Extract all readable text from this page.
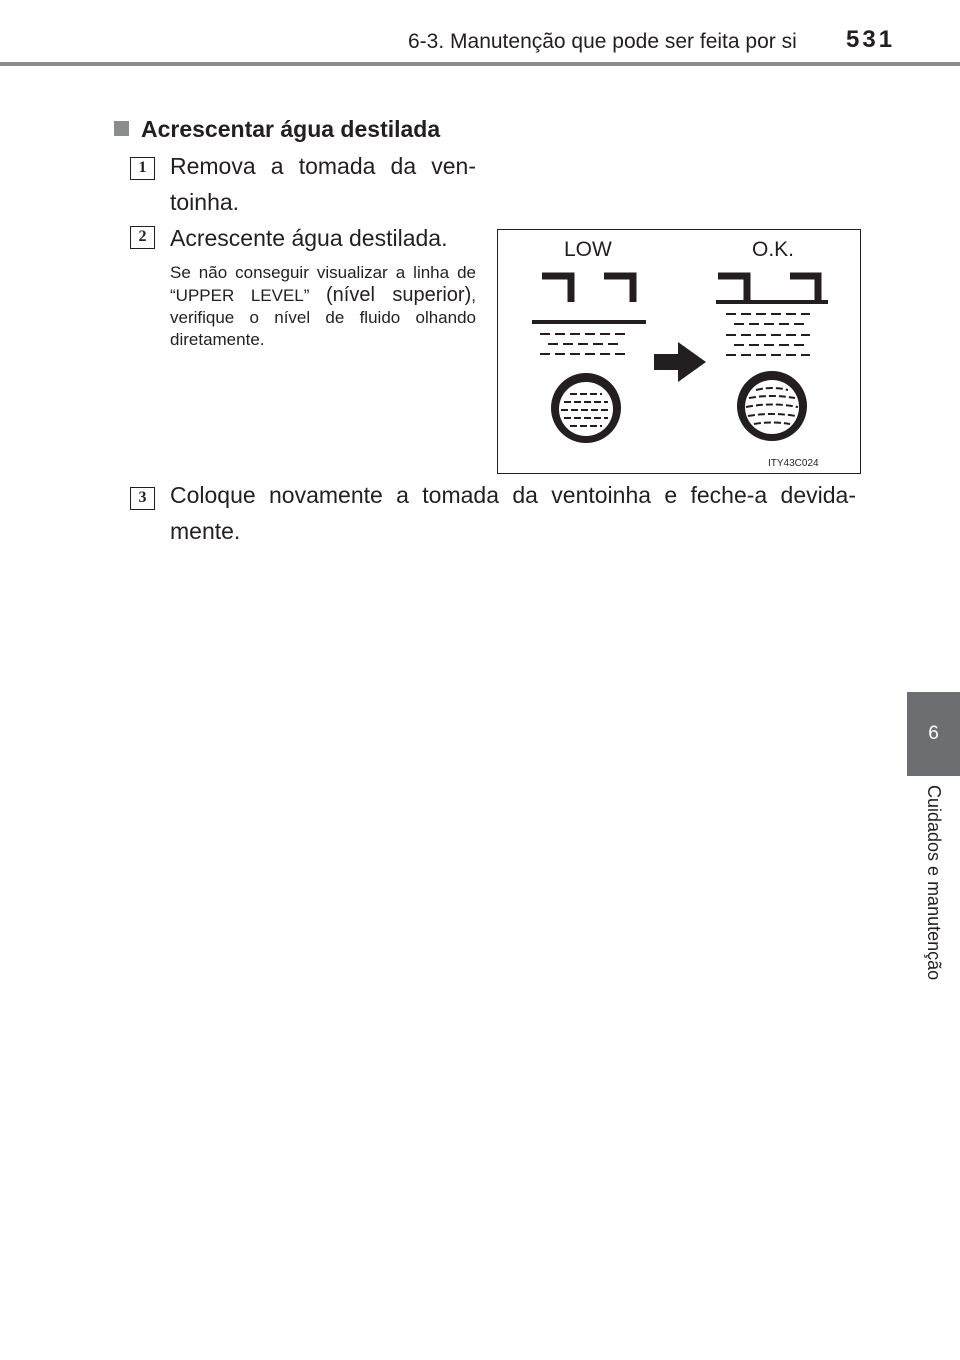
6-3. Manutenção que pode ser feita por si 531
6
Cuidados e manutenção
Acrescentar água destilada
1	Remova a tomada da ven-
toinha.
2	Acrescente água destilada.
Se não conseguir visualizar a linha de “UPPER LEVEL” (nível superior), verifique o nível de fluido olhando diretamente.
LOW	O.K.
ITY43C024
3	Coloque novamente a tomada da ventoinha e feche-a devida-
mente.
